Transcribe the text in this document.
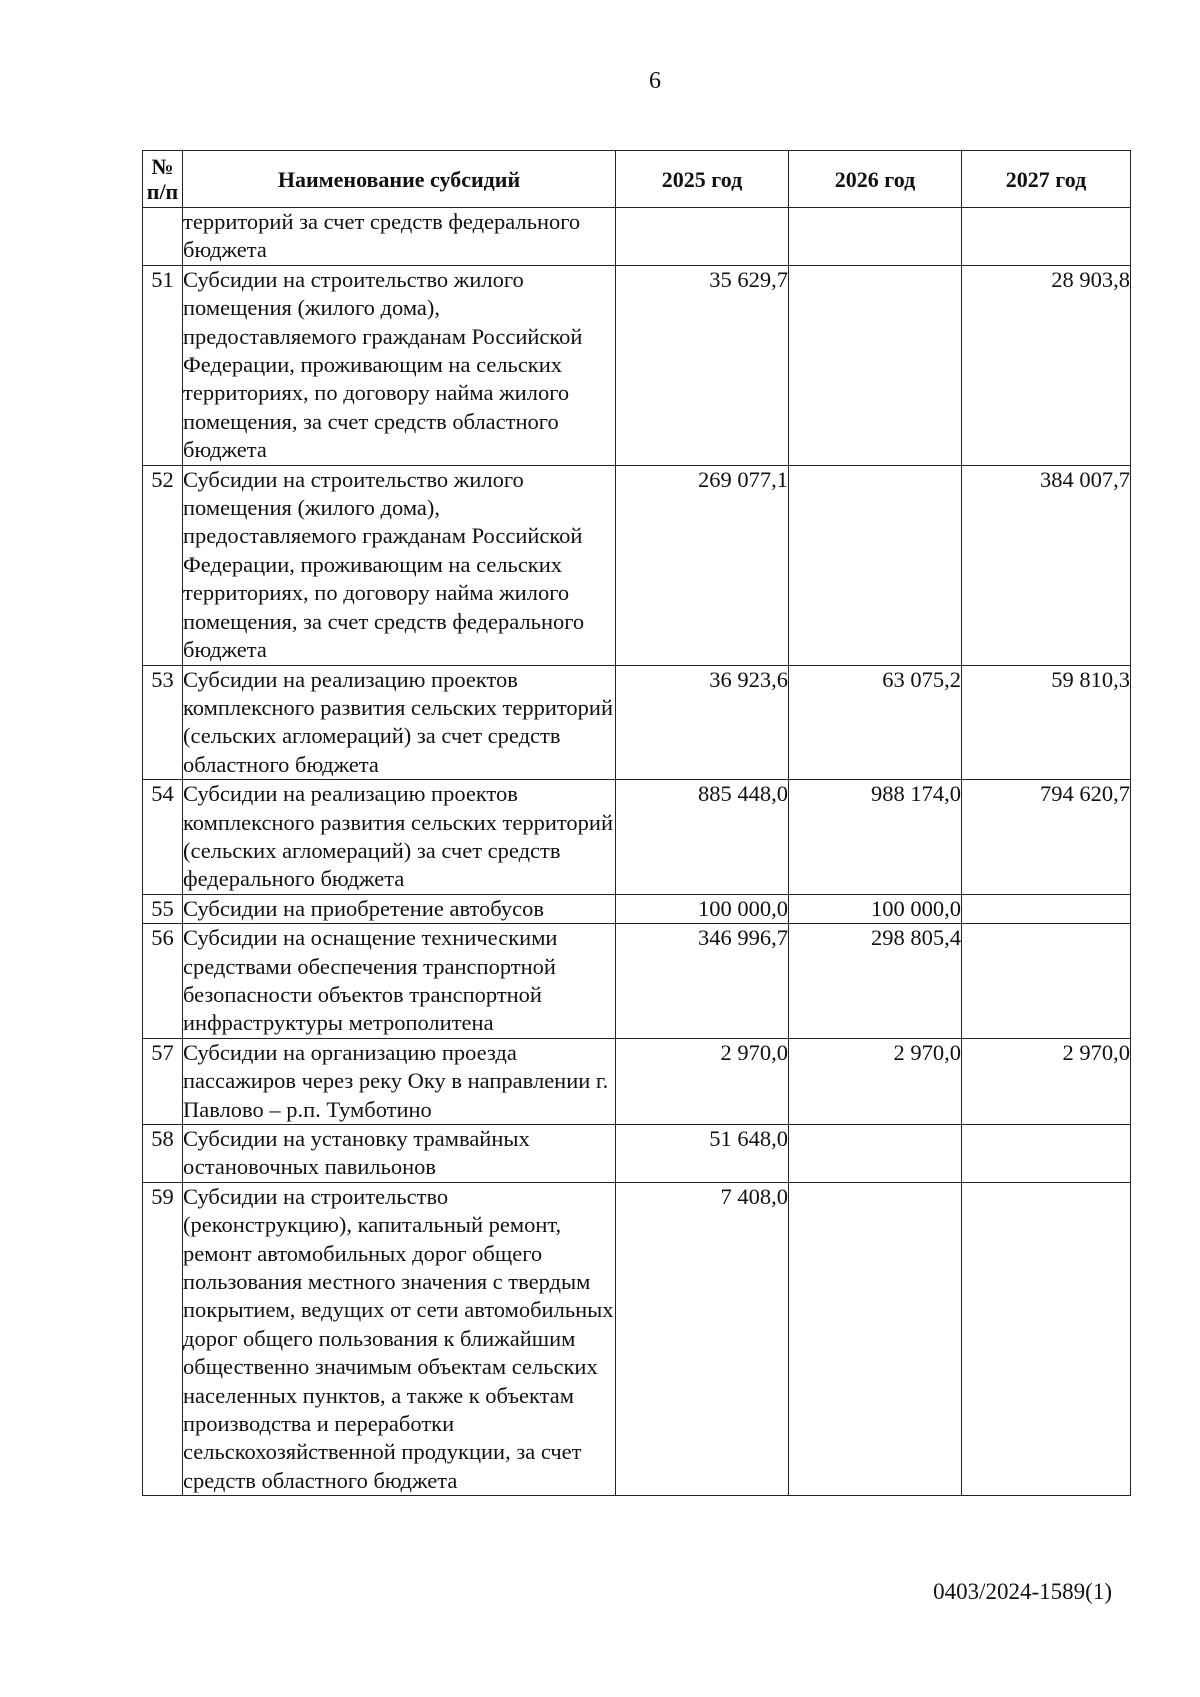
6
№ п/п	Наименование субсидий	2025 год	2026 год	2027 год
	территорий за счет средств федерального бюджета			
51	Субсидии на строительство жилого помещения (жилого дома), предоставляемого гражданам Российской Федерации, проживающим на сельских территориях, по договору найма жилого помещения, за счет средств областного бюджета	35 629,7		28 903,8
52	Субсидии на строительство жилого помещения (жилого дома), предоставляемого гражданам Российской Федерации, проживающим на сельских территориях, по договору найма жилого помещения, за счет средств федерального бюджета	269 077,1		384 007,7
53	Субсидии на реализацию проектов комплексного развития сельских территорий (сельских агломераций) за счет средств областного бюджета	36 923,6	63 075,2	59 810,3
54	Субсидии на реализацию проектов комплексного развития сельских территорий (сельских агломераций) за счет средств федерального бюджета	885 448,0	988 174,0	794 620,7
55	Субсидии на приобретение автобусов	100 000,0	100 000,0	
56	Субсидии на оснащение техническими средствами обеспечения транспортной безопасности объектов транспортной инфраструктуры метрополитена	346 996,7	298 805,4	
57	Субсидии на организацию проезда пассажиров через реку Оку в направлении г. Павлово – р.п. Тумботино	2 970,0	2 970,0	2 970,0
58	Субсидии на установку трамвайных остановочных павильонов	51 648,0		
59	Субсидии на строительство (реконструкцию), капитальный ремонт, ремонт автомобильных дорог общего пользования местного значения с твердым покрытием, ведущих от сети автомобильных дорог общего пользования к ближайшим общественно значимым объектам сельских населенных пунктов, а также к объектам производства и переработки сельскохозяйственной продукции, за счет средств областного бюджета	7 408,0		
0403/2024-1589(1)
